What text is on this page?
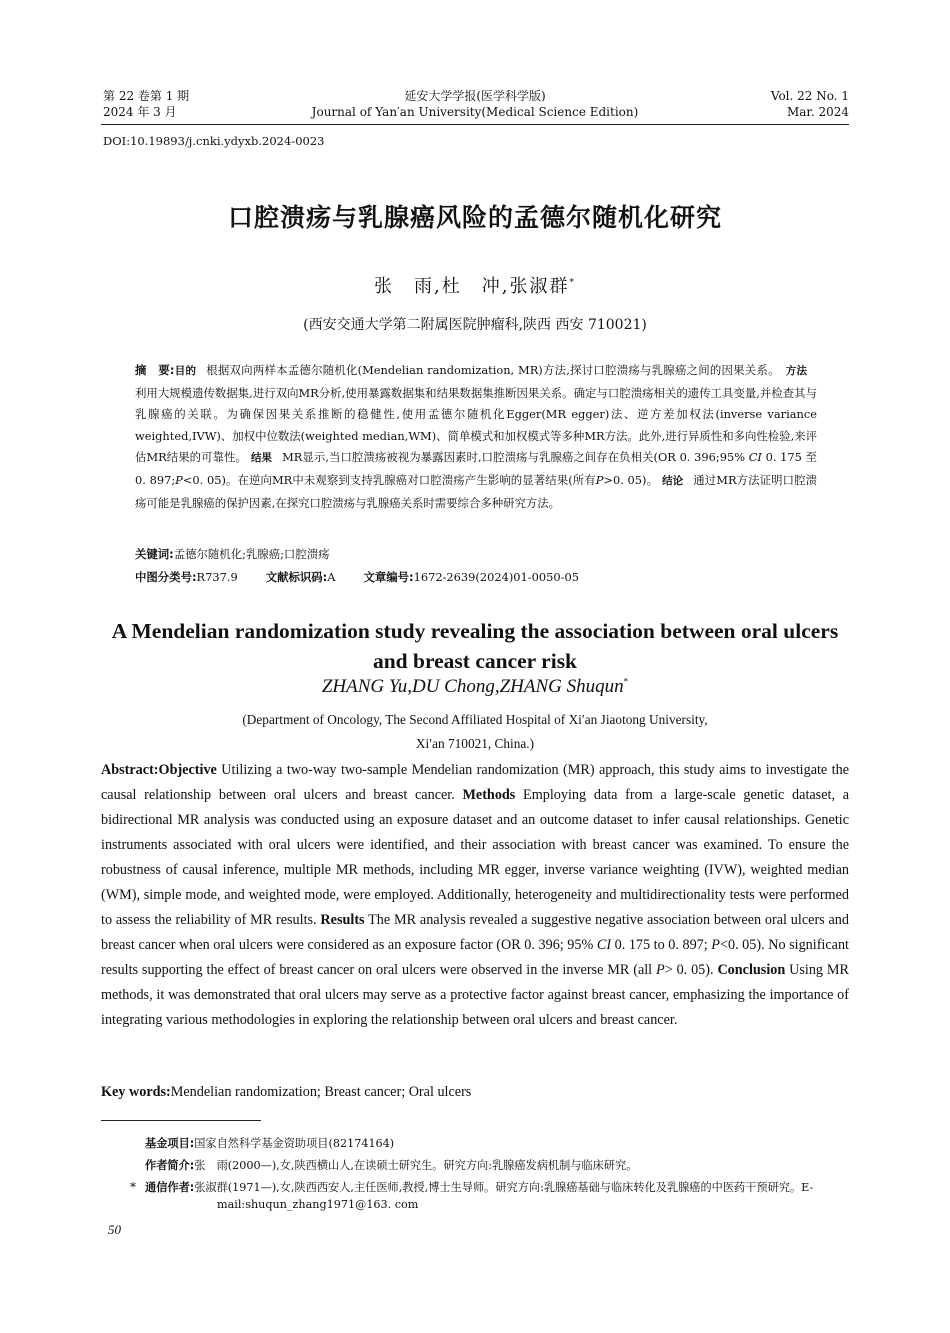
第 22 卷第 1 期
2024 年 3 月
延安大学学报(医学科学版)
Journal of Yan′an University(Medical Science Edition)
Vol. 22 No. 1
Mar. 2024
DOI:10.19893/j.cnki.ydyxb.2024-0023
口腔溃疡与乳腺癌风险的孟德尔随机化研究
张　雨,杜　冲,张淑群*
(西安交通大学第二附属医院肿瘤科,陕西 西安 710021)
摘　要:目的 根据双向两样本孟德尔随机化(Mendelian randomization, MR)方法,探讨口腔溃疡与乳腺癌之间的因果关系。 方法利用大规模遗传数据集,进行双向MR分析,使用暴露数据集和结果数据集推断因果关系。确定与口腔溃疡相关的遗传工具变量,并检查其与乳腺癌的关联。为确保因果关系推断的稳健性,使用孟德尔随机化Egger(MR egger)法、逆方差加权法(inverse variance weighted,IVW)、加权中位数法(weighted median,WM)、简单模式和加权模式等多种MR方法。此外,进行异质性和多向性检验,来评估MR结果的可靠性。 结果 MR显示,当口腔溃疡被视为暴露因素时,口腔溃疡与乳腺癌之间存在负相关(OR 0. 396;95% CI 0. 175 至 0. 897;P<0. 05)。在逆向MR中未观察到支持乳腺癌对口腔溃疡产生影响的显著结果(所有P>0. 05)。 结论 通过MR方法证明口腔溃疡可能是乳腺癌的保护因素,在探究口腔溃疡与乳腺癌关系时需要综合多种研究方法。
关键词:孟德尔随机化;乳腺癌;口腔溃疡
中图分类号:R737.9 文献标识码:A 文章编号:1672-2639(2024)01-0050-05
A Mendelian randomization study revealing the association between oral ulcers and breast cancer risk
ZHANG Yu,DU Chong,ZHANG Shuqun*
(Department of Oncology, The Second Affiliated Hospital of Xi′an Jiaotong University,
Xi′an 710021, China.)

Abstract:Objective Utilizing a two-way two-sample Mendelian randomization (MR) approach, this study aims to investigate the causal relationship between oral ulcers and breast cancer. Methods Employing data from a large-scale genetic dataset, a bidirectional MR analysis was conducted using an exposure dataset and an outcome dataset to infer causal relationships. Genetic instruments associated with oral ulcers were identified, and their association with breast cancer was examined. To ensure the robustness of causal inference, multiple MR methods, including MR egger, inverse variance weighting (IVW), weighted median (WM), simple mode, and weighted mode, were employed. Additionally, heterogeneity and multidirectionality tests were performed to assess the reliability of MR results. Results The MR analysis revealed a suggestive negative association between oral ulcers and breast cancer when oral ulcers were considered as an exposure factor (OR 0. 396; 95% CI 0. 175 to 0. 897; P<0. 05). No significant results supporting the effect of breast cancer on oral ulcers were observed in the inverse MR (all P> 0. 05). Conclusion Using MR methods, it was demonstrated that oral ulcers may serve as a protective factor against breast cancer, emphasizing the importance of integrating various methodologies in exploring the relationship between oral ulcers and breast cancer.

Key words:Mendelian randomization; Breast cancer; Oral ulcers
基金项目:国家自然科学基金资助项目(82174164)
作者简介:张　雨(2000—),女,陕西横山人,在读硕士研究生。研究方向:乳腺癌发病机制与临床研究。
* 通信作者:张淑群(1971—),女,陕西西安人,主任医师,教授,博士生导师。研究方向:乳腺癌基础与临床转化及乳腺癌的中医药干预研究。E-mail:shuqun_zhang1971@163. com
50
